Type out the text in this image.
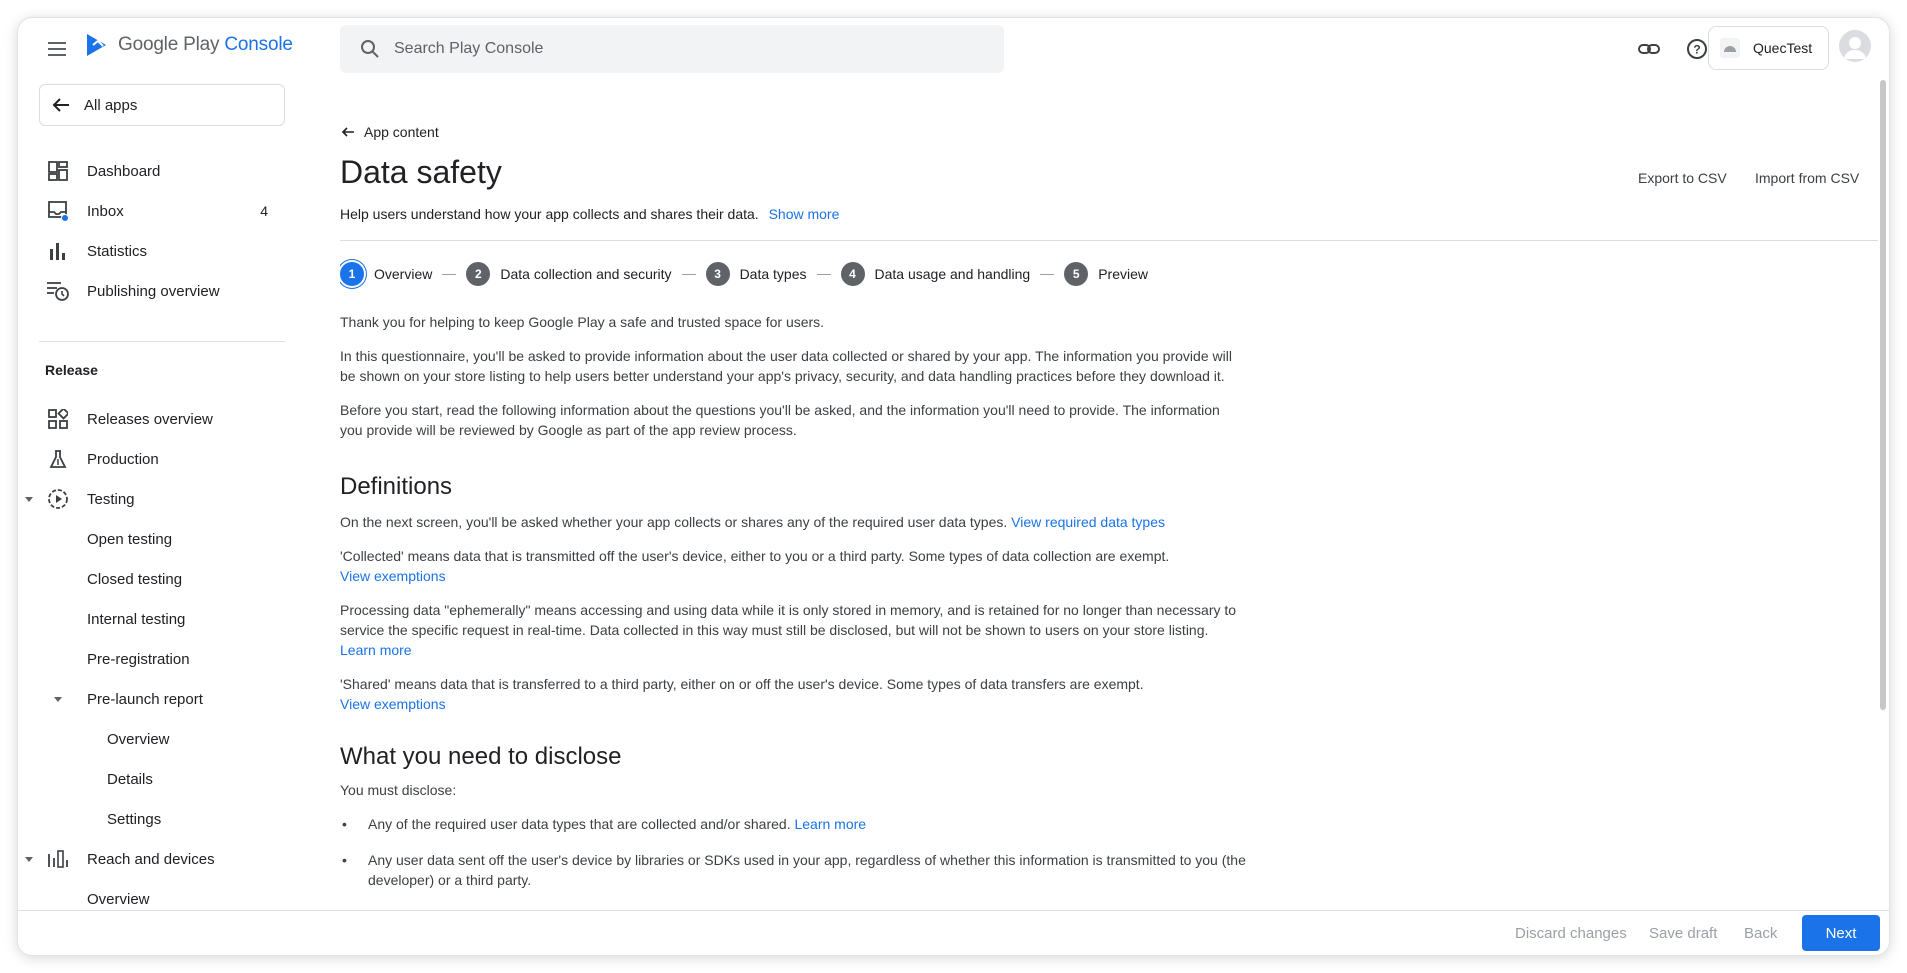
Google Play Console
Search Play Console	?	QuecTest
All apps
Dashboard
Inbox	4
Statistics
Publishing overview
Release
Releases overview
Production
Testing
Open testing
Closed testing
Internal testing
Pre-registration
Pre-launch report
Overview
Details
Settings
Reach and devices
Overview
App content
Data safety
Help users understand how your app collects and shares their data. Show more
Export to CSV Import from CSV
1	Overview	2	Data collection and security	3	Data types	4	Data usage and handling	5	Preview

Thank you for helping to keep Google Play a safe and trusted space for users.

In this questionnaire, you'll be asked to provide information about the user data collected or shared by your app. The information you provide will be shown on your store listing to help users better understand your app's privacy, security, and data handling practices before they download it.

Before you start, read the following information about the questions you'll be asked, and the information you'll need to provide. The information you provide will be reviewed by Google as part of the app review process.

Definitions

On the next screen, you'll be asked whether your app collects or shares any of the required user data types. View required data types

'Collected' means data that is transmitted off the user's device, either to you or a third party. Some types of data collection are exempt.
View exemptions

Processing data "ephemerally" means accessing and using data while it is only stored in memory, and is retained for no longer than necessary to service the specific request in real-time. Data collected in this way must still be disclosed, but will not be shown to users on your store listing. Learn more

'Shared' means data that is transferred to a third party, either on or off the user's device. Some types of data transfers are exempt.
View exemptions

What you need to disclose

You must disclose:

• Any of the required user data types that are collected and/or shared. Learn more
• Any user data sent off the user's device by libraries or SDKs used in your app, regardless of whether this information is transmitted to you (the developer) or a third party.
Discard changes Save draft Back	Next
